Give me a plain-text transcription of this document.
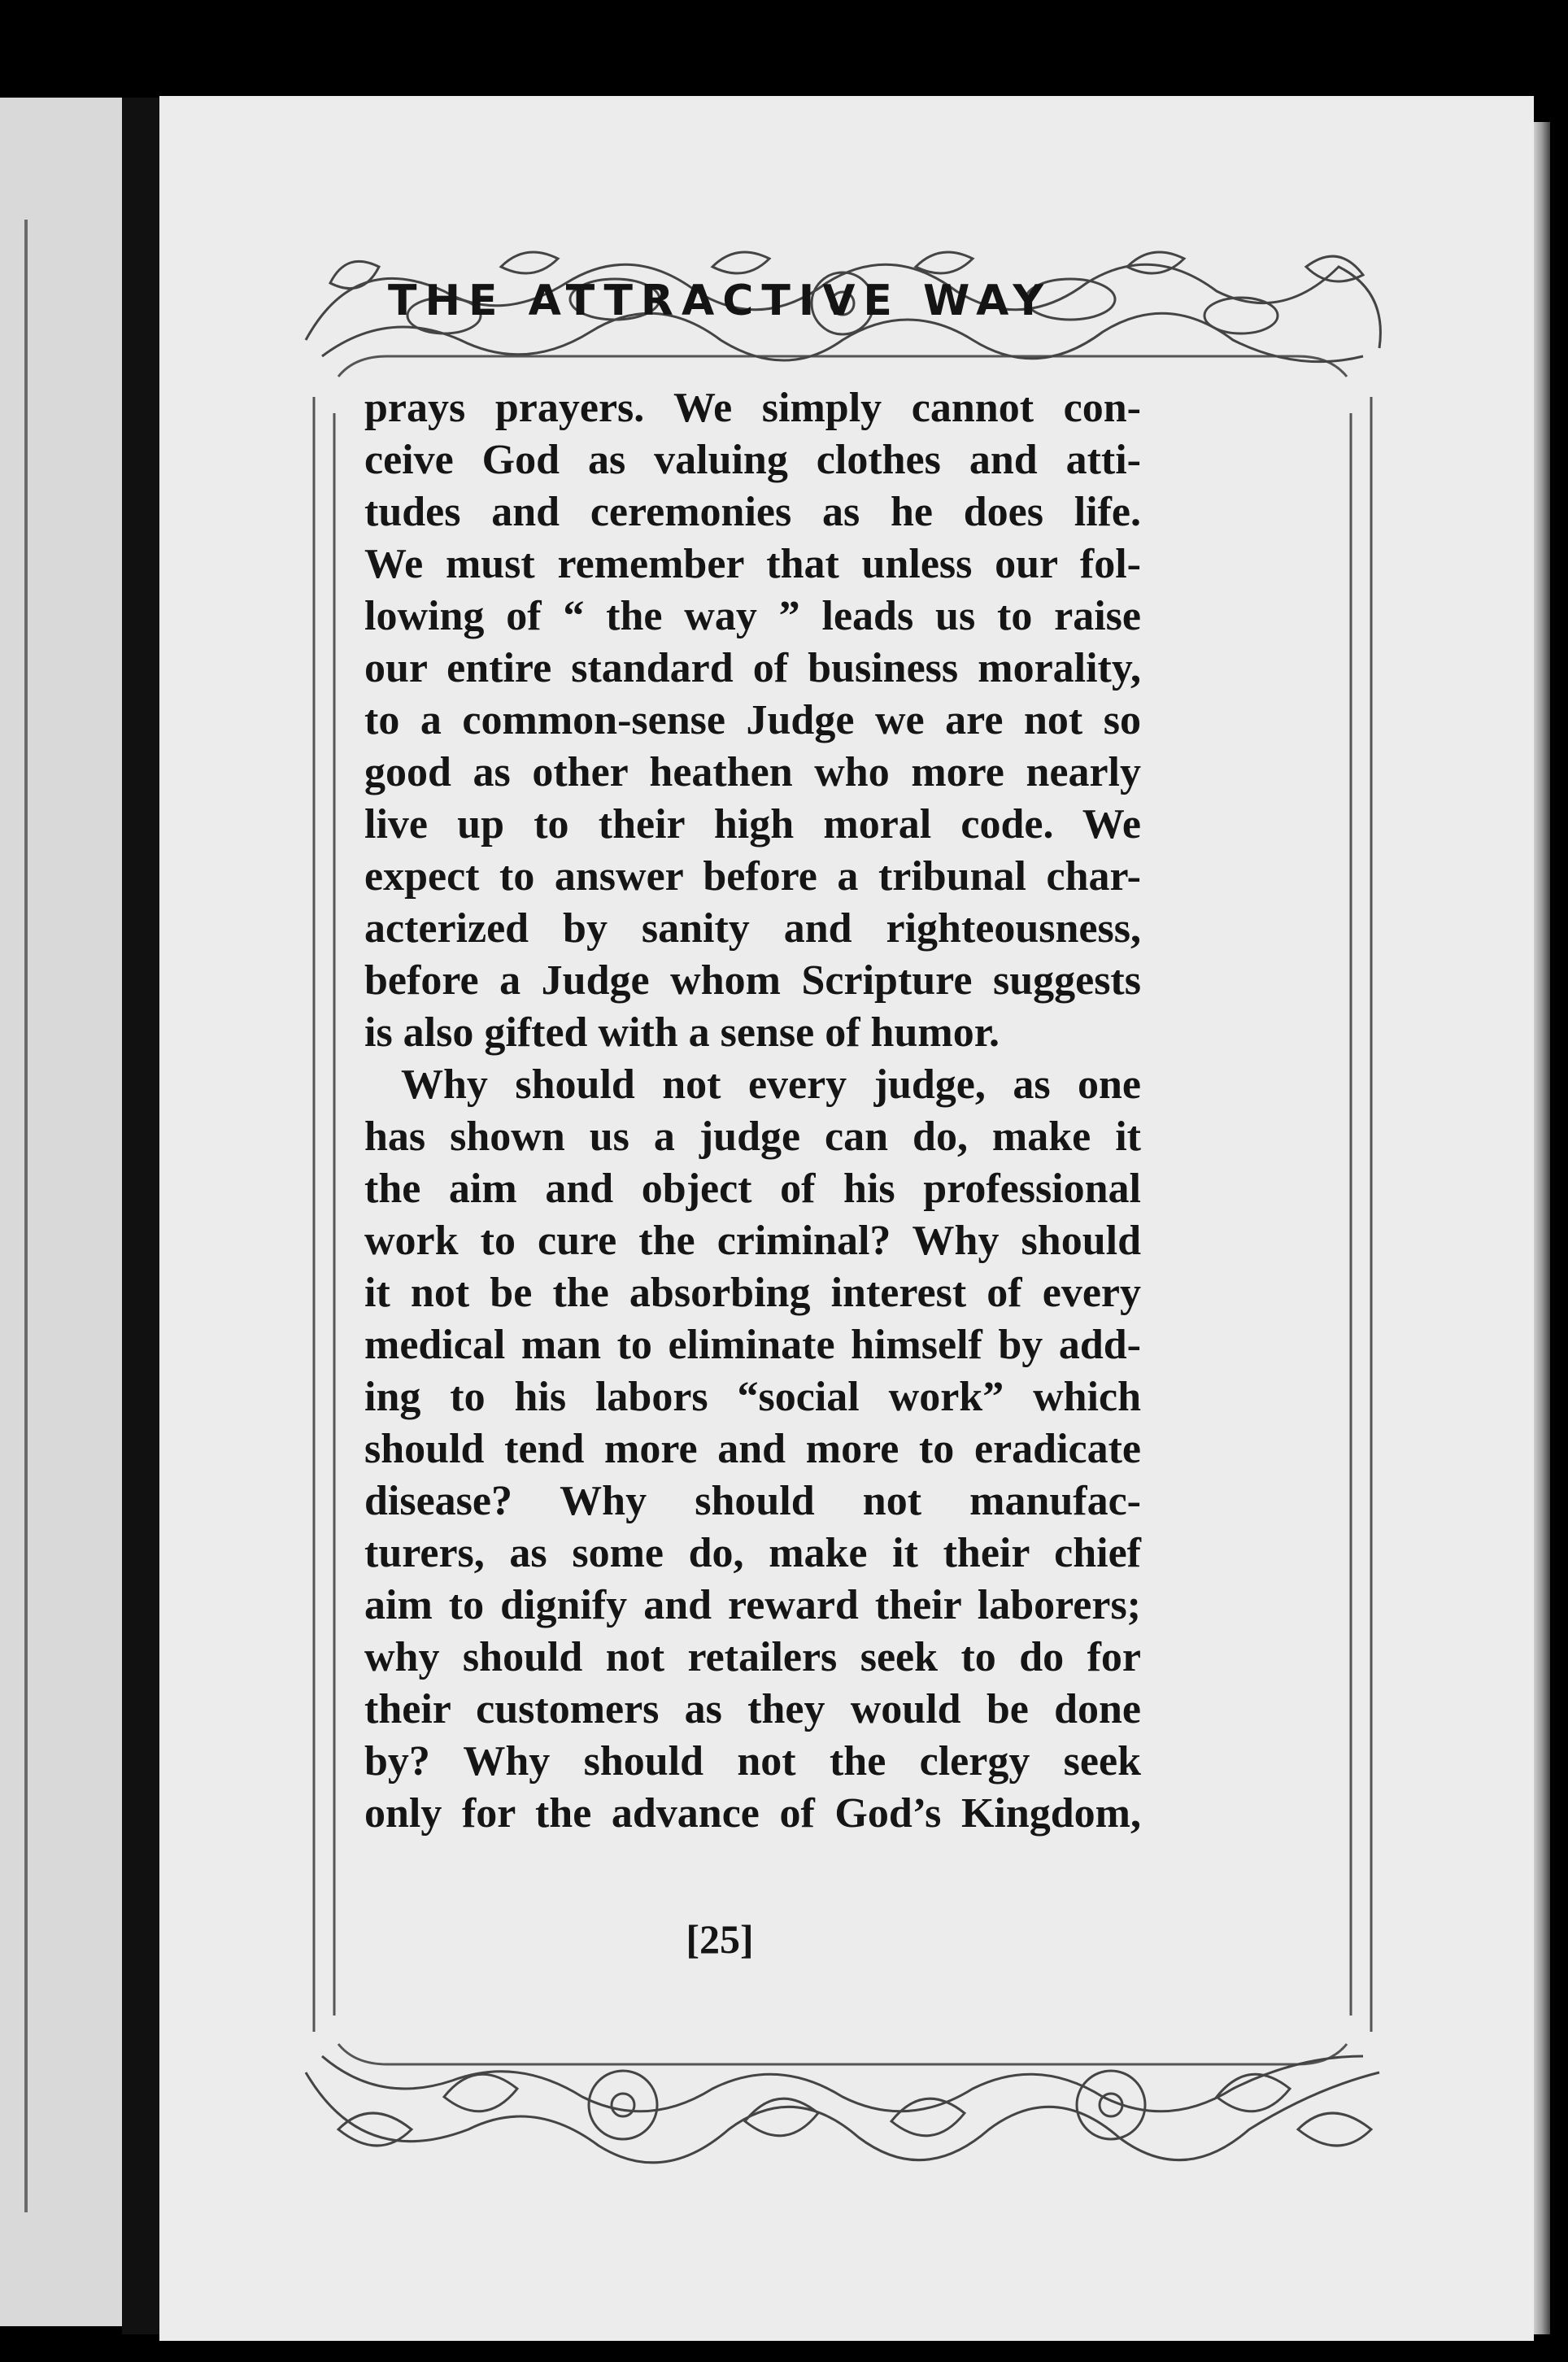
THE ATTRACTIVE WAY
prays prayers. We simply cannot con-
ceive God as valuing clothes and atti-
tudes and ceremonies as he does life.
We must remember that unless our fol-
lowing of “ the way ” leads us to raise
our entire standard of business morality,
to a common-sense Judge we are not so
good as other heathen who more nearly
live up to their high moral code. We
expect to answer before a tribunal char-
acterized by sanity and righteousness,
before a Judge whom Scripture suggests
is also gifted with a sense of humor.
Why should not every judge, as one
has shown us a judge can do, make it
the aim and object of his professional
work to cure the criminal? Why should
it not be the absorbing interest of every
medical man to eliminate himself by add-
ing to his labors “social work” which
should tend more and more to eradicate
disease? Why should not manufac-
turers, as some do, make it their chief
aim to dignify and reward their laborers;
why should not retailers seek to do for
their customers as they would be done
by? Why should not the clergy seek
only for the advance of God’s Kingdom,
[25]
